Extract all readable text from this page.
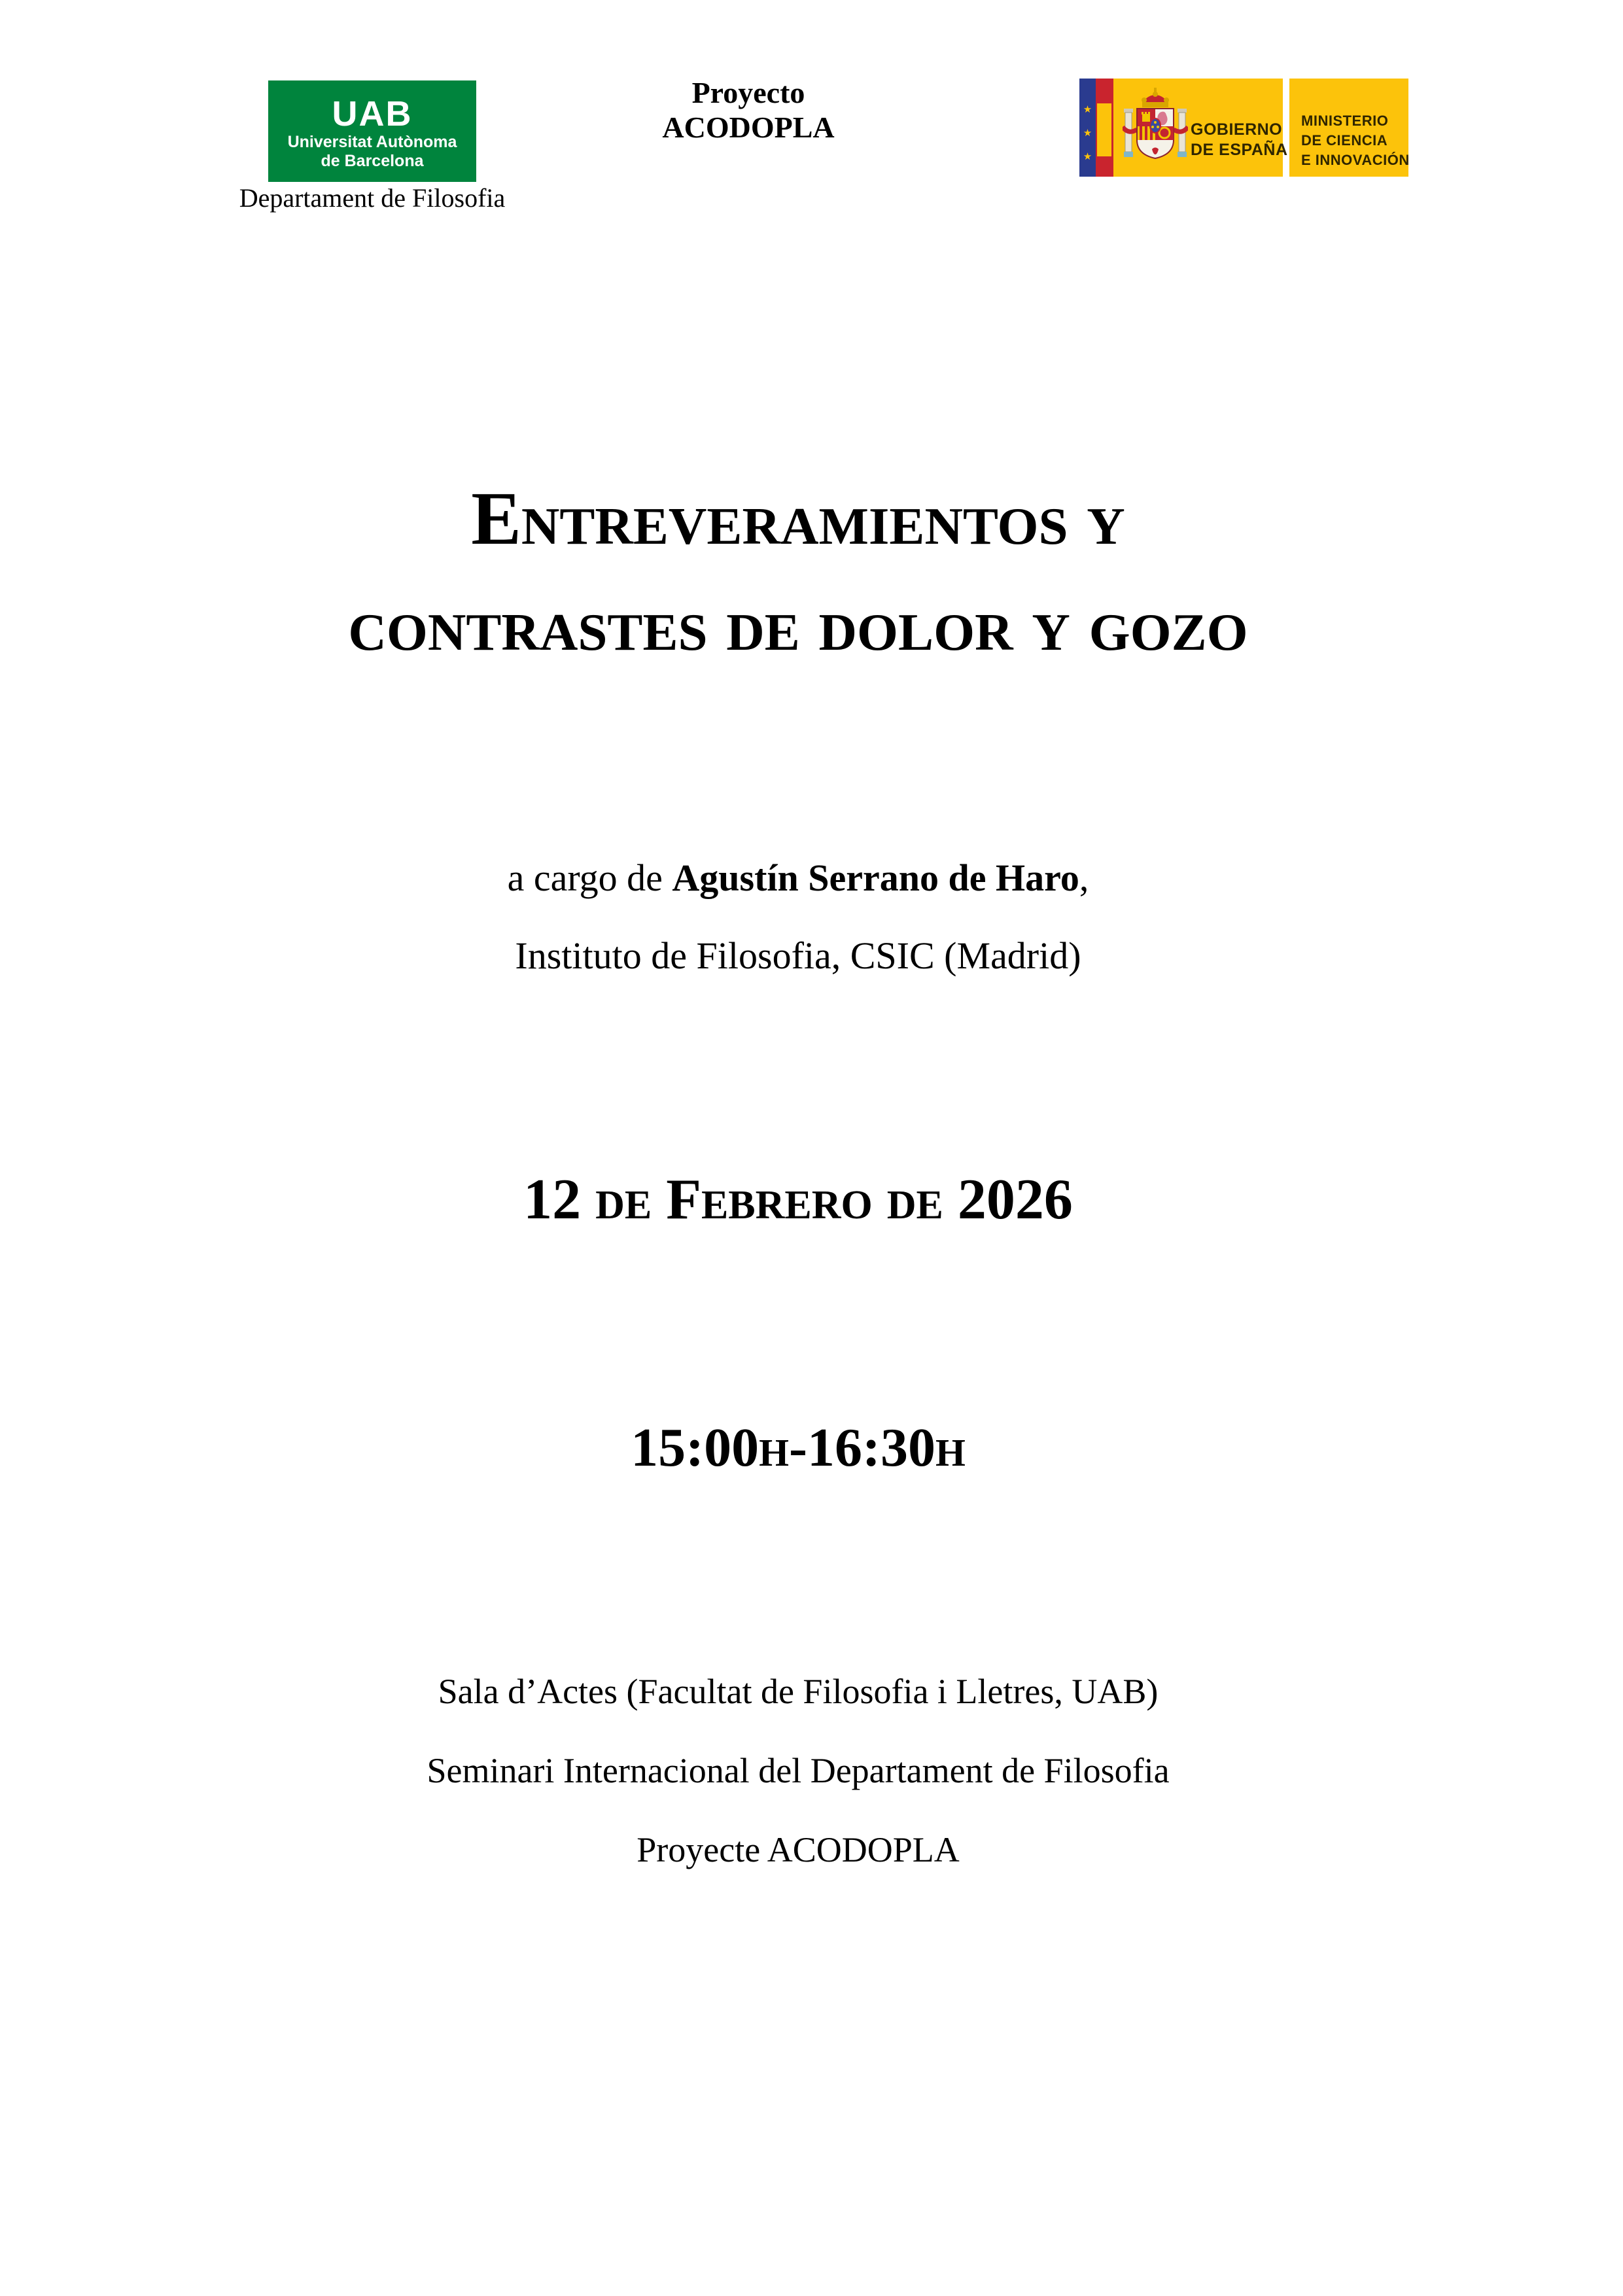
UAB
Universitat Autònoma
de Barcelona
Departament de Filosofia
Proyecto ACODOPLA
★
★
★
GOBIERNO
DE ESPAÑA
MINISTERIO
DE CIENCIA
E INNOVACIÓN
Entreveramientos y
contrastes de dolor y gozo
a cargo de Agustín Serrano de Haro,
Instituto de Filosofia, CSIC (Madrid)
12 de Febrero de 2026
15:00h-16:30h
Sala d’Actes (Facultat de Filosofia i Lletres, UAB)
Seminari Internacional del Departament de Filosofia
Proyecte ACODOPLA
